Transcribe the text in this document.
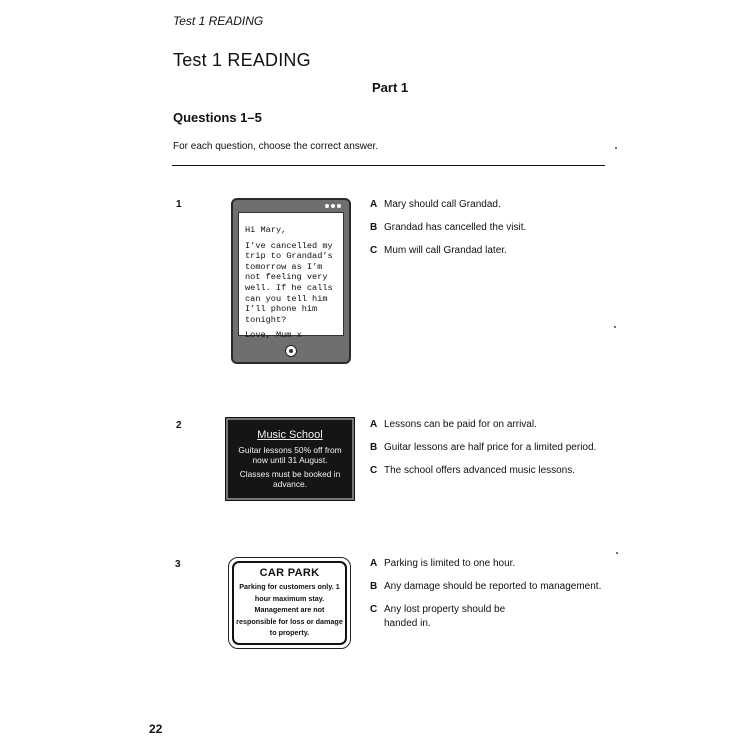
Test 1 READING
Test 1 READING
Part 1
Questions 1–5
For each question, choose the correct answer.
1

Hi Mary,

I’ve cancelled my trip to Grandad’s tomorrow as I’m not feeling very well. If he calls can you tell him I’ll phone him tonight?

Love, Mum x

A Mary should call Grandad.
B Grandad has cancelled the visit.
C Mum will call Grandad later.
2
Music School
Guitar lessons 50% off from now until 31 August.
Classes must be booked in advance.
A Lessons can be paid for on arrival.
B Guitar lessons are half price for a limited period.
C The school offers advanced music lessons.
3
CAR PARK
Parking for customers only. 1 hour maximum stay. Management are not responsible for loss or damage to property.
A Parking is limited to one hour.
B Any damage should be reported to management.
C Any lost property should be handed in.
22
